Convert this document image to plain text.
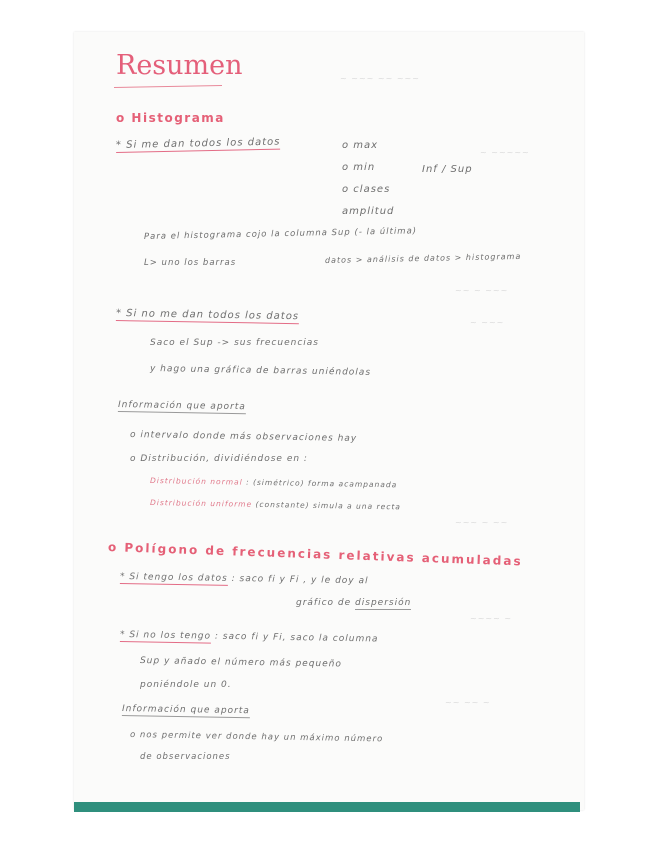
~ ~~~ ~~ ~~~
~ ~~~~~
~~ ~ ~~~
~ ~~~
~~~ ~ ~~
~~~~ ~
~~ ~~ ~
Resumen
o Histograma
* Si me dan todos los datos	o max
o min	Inf / Sup
o clases
amplitud
Para el histograma cojo la columna Sup (- la última)
L> uno los barras	datos > análisis de datos > histograma
* Si no me dan todos los datos
Saco el Sup -> sus frecuencias
y hago una gráfica de barras uniéndolas
Información que aporta
o intervalo donde más observaciones hay
o Distribución, dividiéndose en :
Distribución normal : (simétrico) forma acampanada
Distribución uniforme (constante) simula a una recta
o Polígono de frecuencias relativas acumuladas
* Si tengo los datos : saco fi y Fi , y le doy al
gráfico de dispersión
* Si no los tengo : saco fi y Fi, saco la columna
Sup y añado el número más pequeño
poniéndole un 0.
Información que aporta
o nos permite ver donde hay un máximo número
de observaciones
